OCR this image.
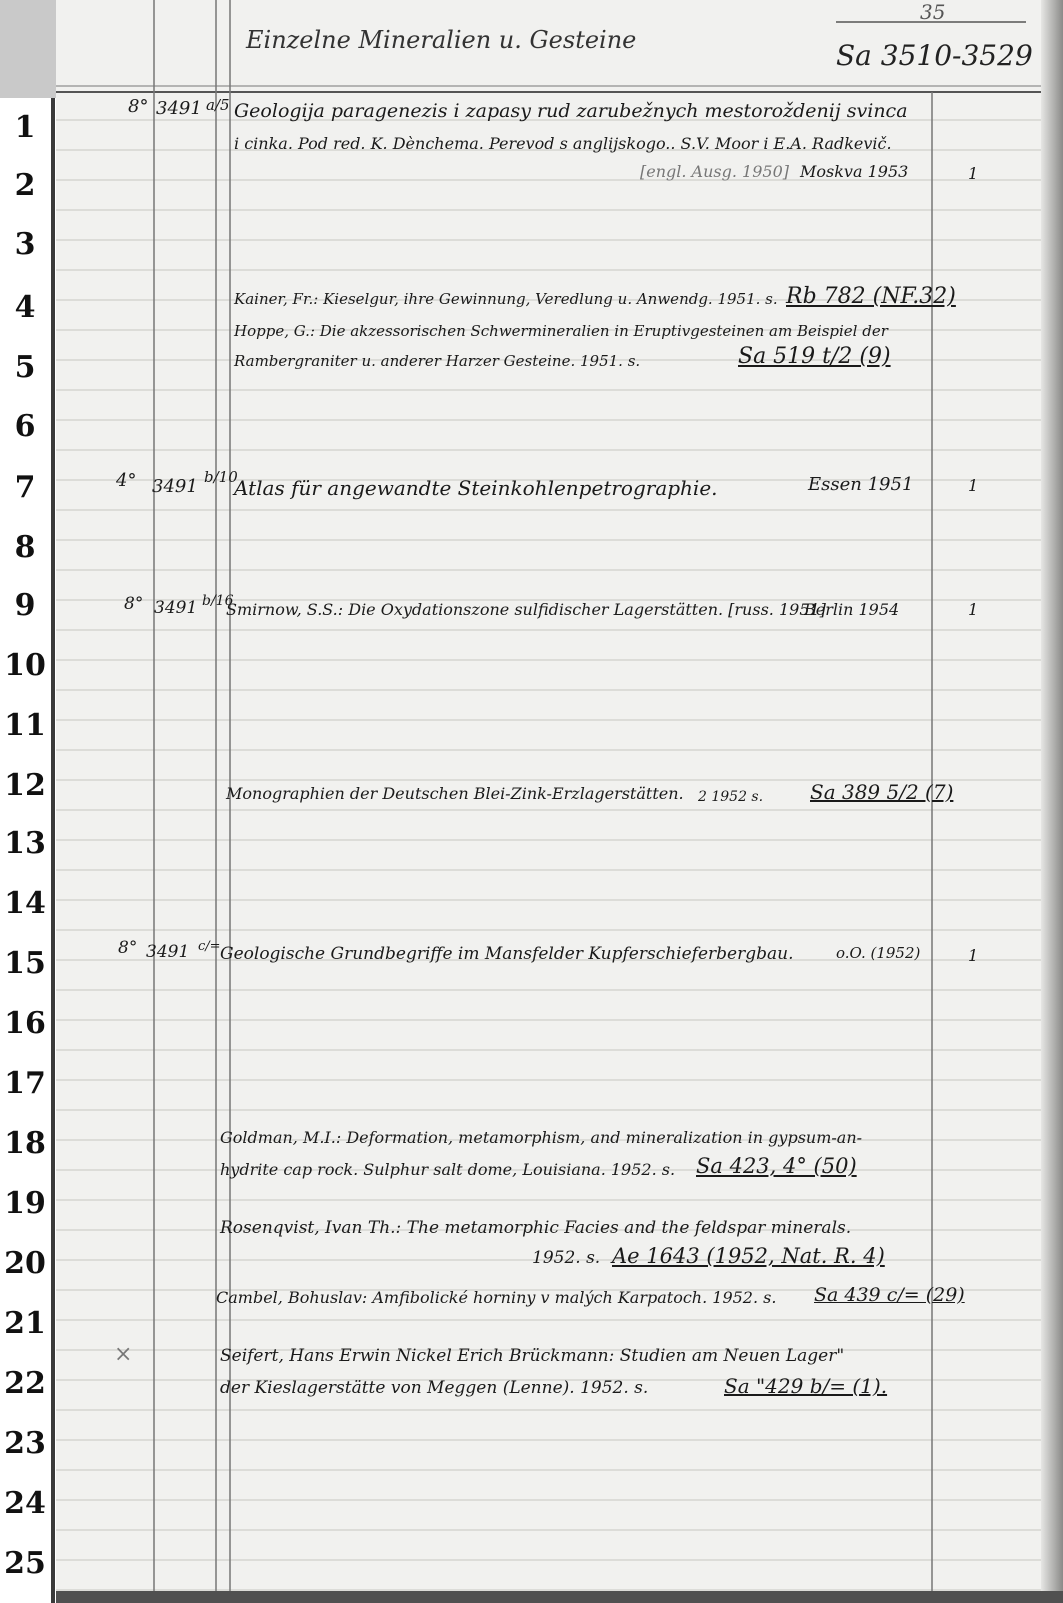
1
2
3
4
5
6
7
8
9
10
11
12
13
14
15
16
17
18
19
20
21
22
23
24
25
Einzelne Mineralien u. Gesteine
35
Sa 3510-3529
8° 3491 a/5 Geologija paragenezis i zapasy rud zarubežnych mestoroždenij svinca
i cinka. Pod red. K. Dènchema. Perevod s anglijskogo.. S.V. Moor i E.A. Radkevič.
[engl. Ausg. 1950] Moskva 1953	1
Kainer, Fr.: Kieselgur, ihre Gewinnung, Veredlung u. Anwendg. 1951. s. Rb 782 (NF.32)
Hoppe, G.: Die akzessorischen Schwermineralien in Eruptivgesteinen am Beispiel der
Rambergraniter u. anderer Harzer Gesteine. 1951. s.	Sa 519 t/2 (9)
4° 3491 b/10
Atlas für angewandte Steinkohlenpetrographie.	Essen 1951	1
8° 3491 b/16
Smirnow, S.S.: Die Oxydationszone sulfidischer Lagerstätten. [russ. 1951]
Berlin 1954	1
Monographien der Deutschen Blei-Zink-Erzlagerstätten. 2 1952 s. Sa 389 5/2 (7)
8° 3491 c/= Geologische Grundbegriffe im Mansfelder Kupferschieferbergbau.	o.O. (1952)	1
Goldman, M.I.: Deformation, metamorphism, and mineralization in gypsum-an-
hydrite cap rock. Sulphur salt dome, Louisiana. 1952. s. Sa 423, 4° (50)
Rosenqvist, Ivan Th.: The metamorphic Facies and the feldspar minerals.
1952. s. Ae 1643 (1952, Nat. R. 4)
Cambel, Bohuslav: Amfibolické horniny v malých Karpatoch. 1952. s. Sa 439 c/= (29)
×	Seifert, Hans Erwin Nickel Erich Brückmann: Studien am Neuen Lager"
der Kieslagerstätte von Meggen (Lenne). 1952. s.	Sa "429 b/= (1).
